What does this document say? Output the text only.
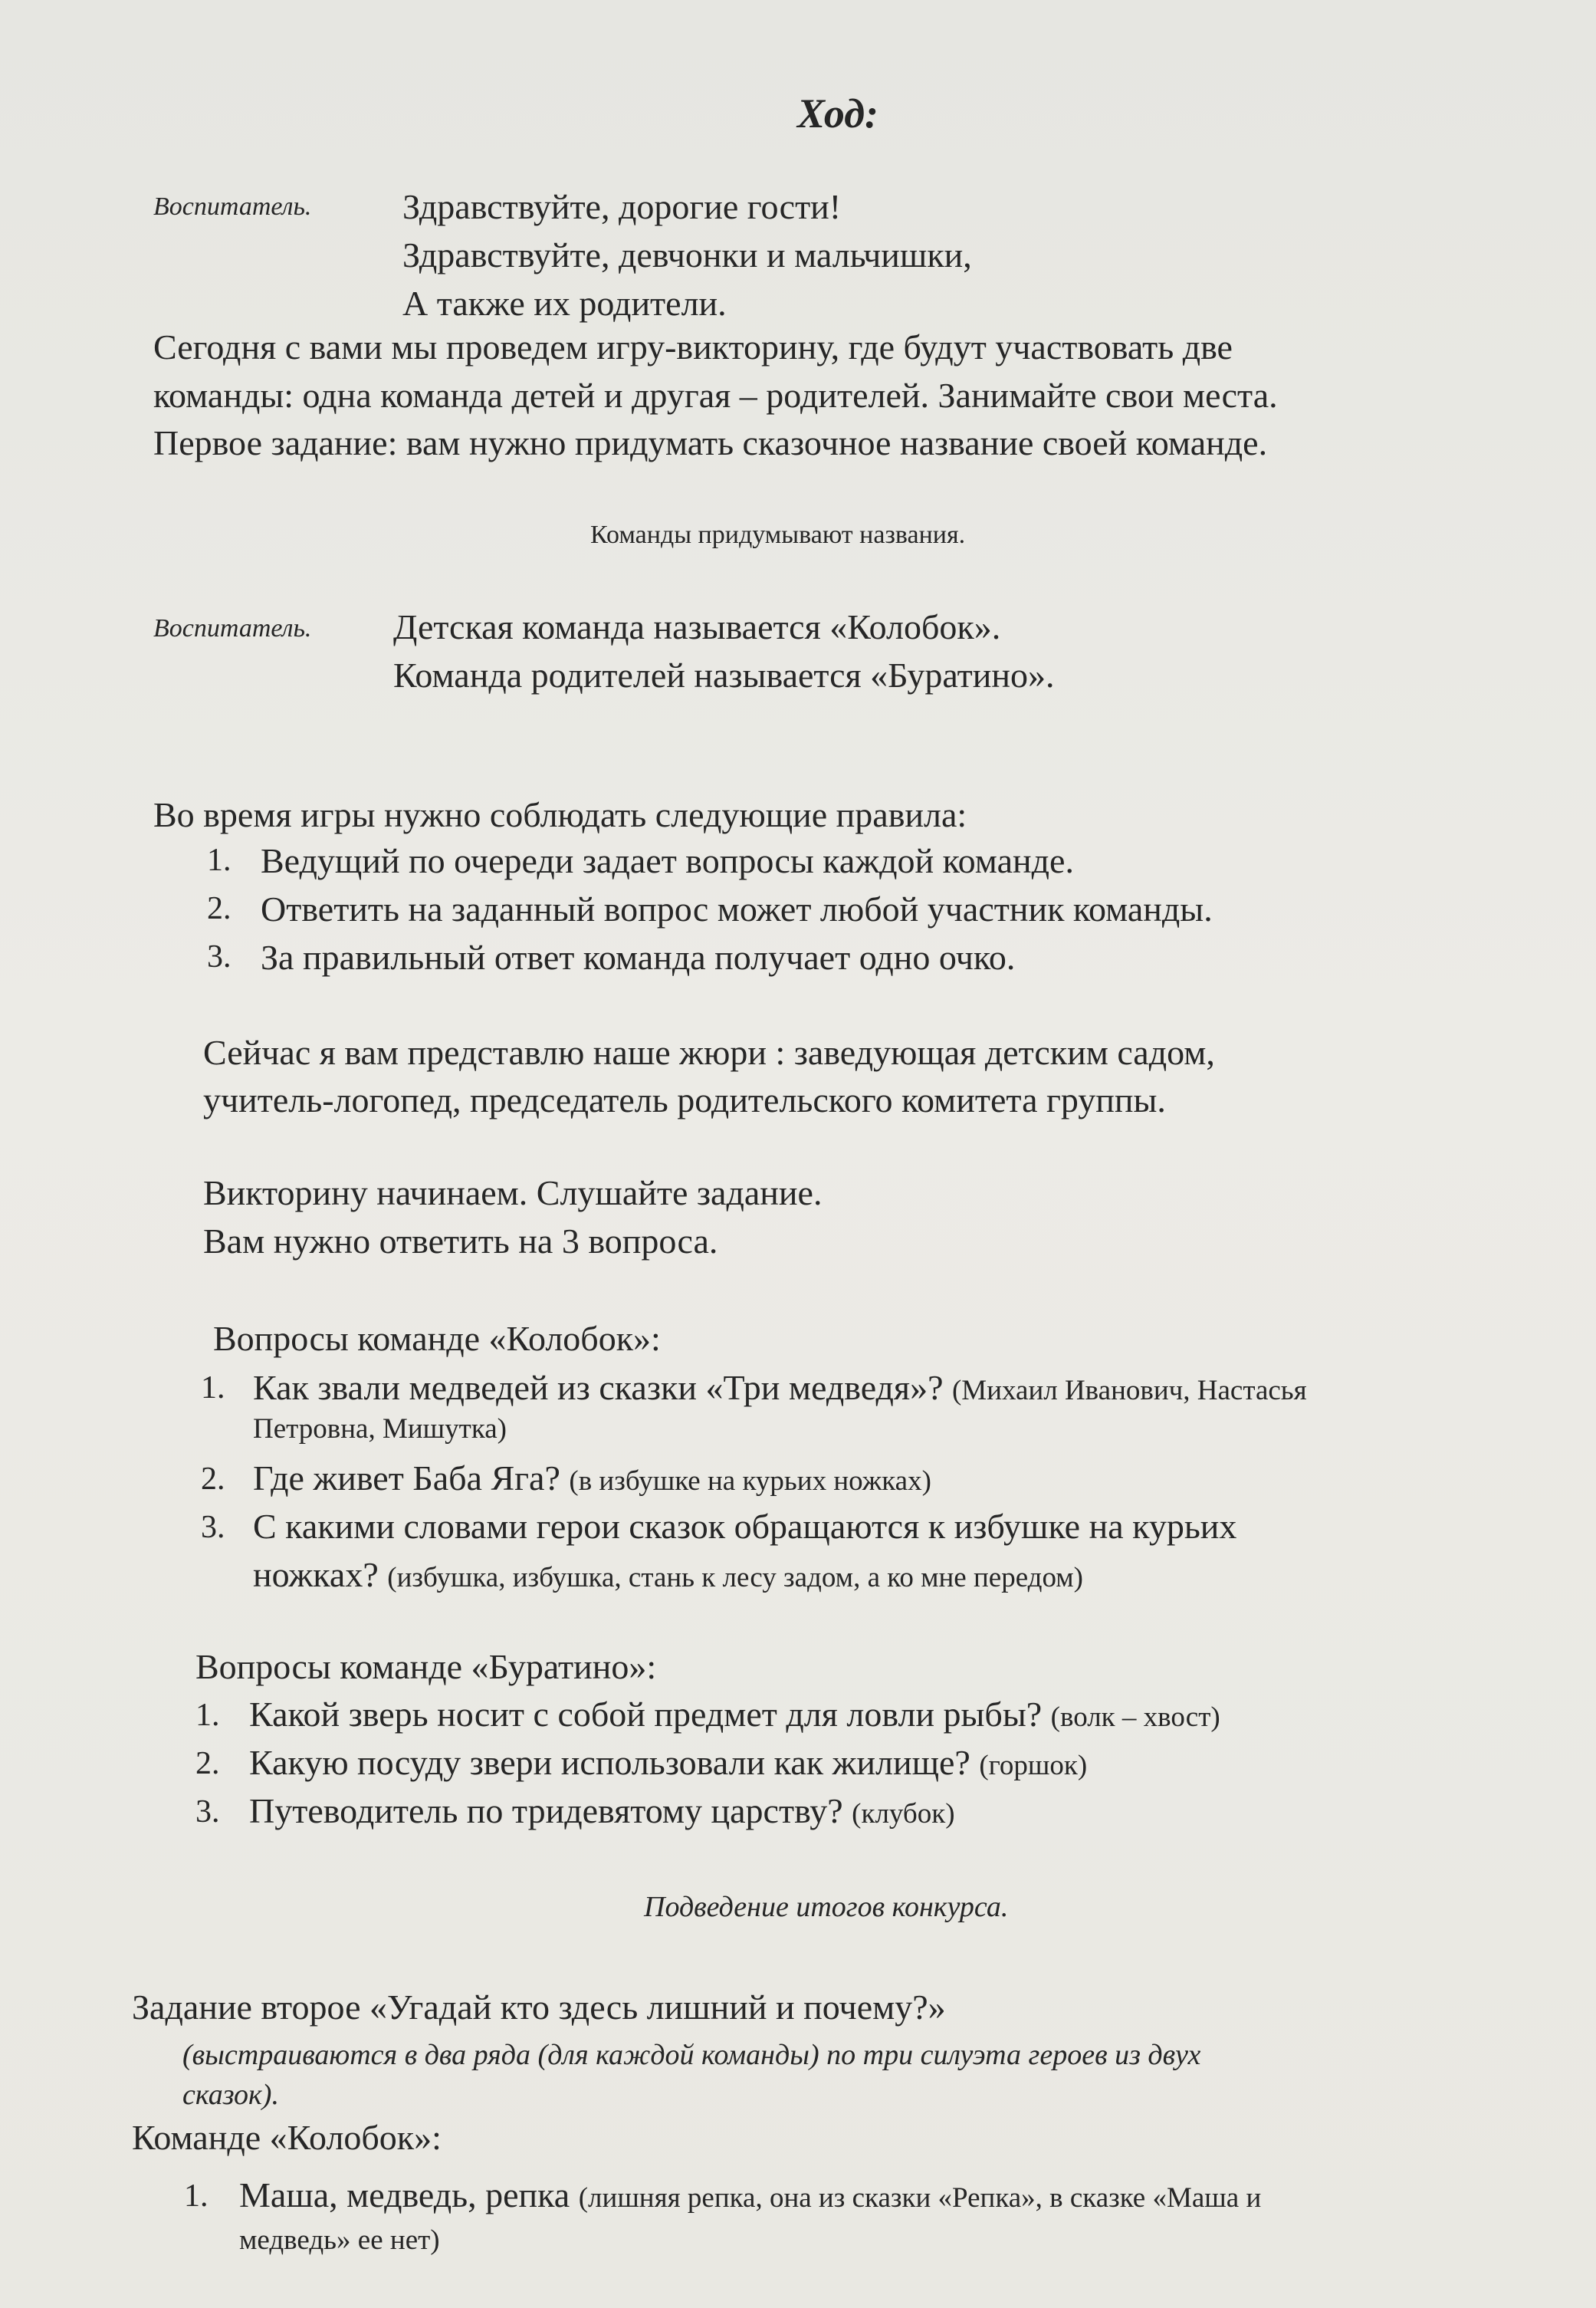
Ход:
Воспитатель.	Здравствуйте, дорогие гости!
Здравствуйте, девчонки и мальчишки,
А также их родители.
Сегодня с вами мы проведем игру-викторину, где будут участвовать две
команды: одна команда детей и другая – родителей. Занимайте свои места.
Первое задание: вам нужно придумать сказочное название своей команде.
Команды придумывают названия.
Воспитатель. Детская команда называется «Колобок».
Команда родителей называется «Буратино».
Во время игры нужно соблюдать следующие правила:
1. Ведущий по очереди задает вопросы каждой команде.
2. Ответить на заданный вопрос может любой участник команды.
3. За правильный ответ команда получает одно очко.
Сейчас я вам представлю наше жюри : заведующая детским садом,
учитель-логопед, председатель родительского комитета группы.
Викторину начинаем. Слушайте задание.
Вам нужно ответить на 3 вопроса.
Вопросы команде «Колобок»:
1. Как звали медведей из сказки «Три медведя»? (Михаил Иванович, Настасья
Петровна, Мишутка)
2. Где живет Баба Яга? (в избушке на курьих ножках)
3. С какими словами герои сказок обращаются к избушке на курьих
ножках? (избушка, избушка, стань к лесу задом, а ко мне передом)
Вопросы команде «Буратино»:
1. Какой зверь носит с собой предмет для ловли рыбы? (волк – хвост)
2. Какую посуду звери использовали как жилище? (горшок)
3. Путеводитель по тридевятому царству? (клубок)
Подведение итогов конкурса.
Задание второе «Угадай кто здесь лишний и почему?»
(выстраиваются в два ряда (для каждой команды) по три силуэта героев из двух
сказок).
Команде «Колобок»:
1. Маша, медведь, репка (лишняя репка, она из сказки «Репка», в сказке «Маша и
медведь» ее нет)
